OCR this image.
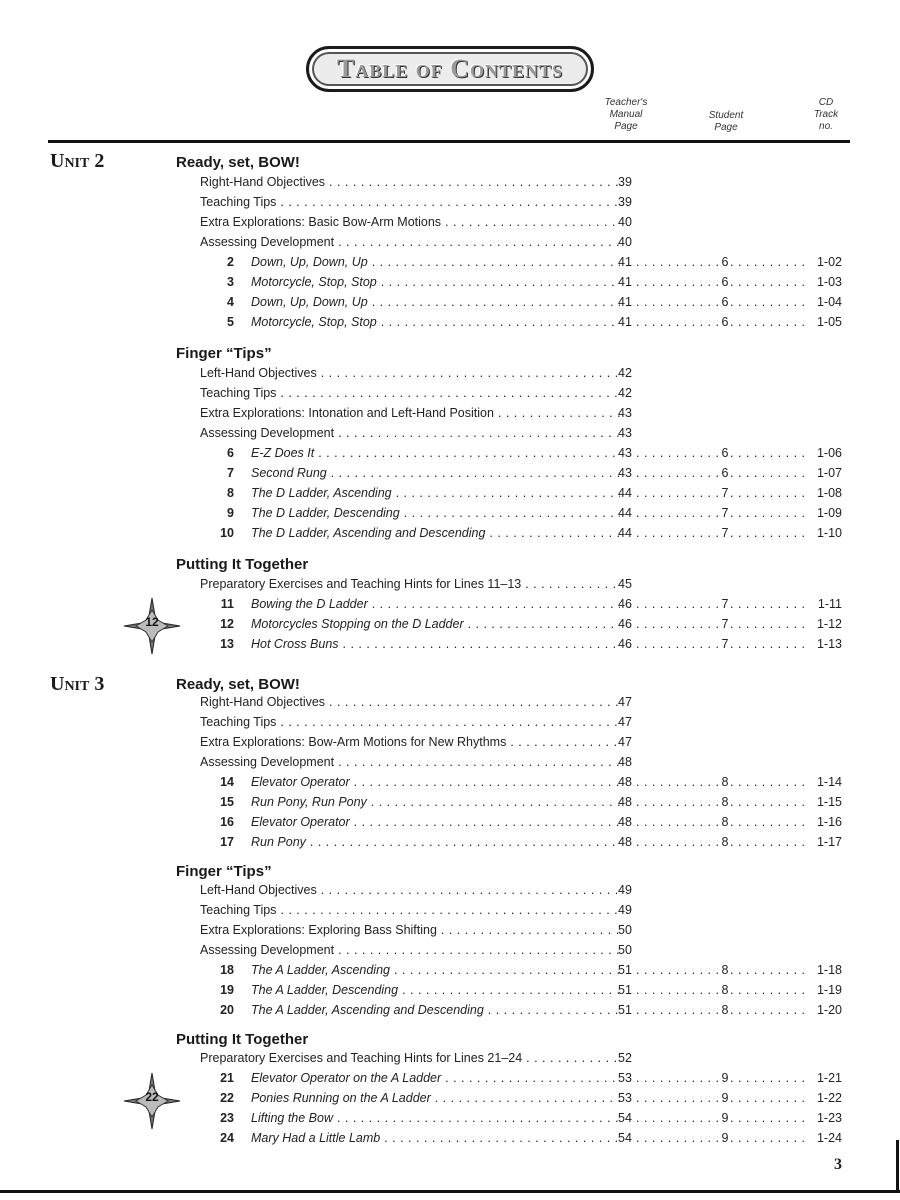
Table of Contents
Teacher's
Manual
Page
Student
Page
CD
Track
no.
Unit 2
Unit 3
Ready, set, BOW!
Finger “Tips”
Putting It Together
Ready, set, BOW!
Finger “Tips”
Putting It Together
Right-Hand Objectives . . .	39
Teaching Tips . . .	39
Extra Explorations: Basic Bow-Arm Motions . . .	40
Assessing Development . . .	40
2 Down, Up, Down, Up . . .	41 . . .	6 . . .	1-02
3 Motorcycle, Stop, Stop . . .	41 . . .	6 . . .	1-03
4 Down, Up, Down, Up . . .	41 . . .	6 . . .	1-04
5 Motorcycle, Stop, Stop . . .	41 . . .	6 . . .	1-05
Left-Hand Objectives . . .	42
Teaching Tips . . .	42
Extra Explorations: Intonation and Left-Hand Position . . .	43
Assessing Development . . .	43
6 E-Z Does It . . .	43 . . .	6 . . .	1-06
7 Second Rung . . .	43 . . .	6 . . .	1-07
8 The D Ladder, Ascending . . .	44 . . .	7 . . .	1-08
9 The D Ladder, Descending . . .	44 . . .	7 . . .	1-09
10 The D Ladder, Ascending and Descending . . .	44 . . .	7 . . .	1-10
Preparatory Exercises and Teaching Hints for Lines 11–13 . . .	45
11 Bowing the D Ladder . . .	46 . . .	7 . . .	1-11
12 Motorcycles Stopping on the D Ladder . . .	46 . . .	7 . . .	1-12
13 Hot Cross Buns . . .	46 . . .	7 . . .	1-13
Right-Hand Objectives . . .	47
Teaching Tips . . .	47
Extra Explorations: Bow-Arm Motions for New Rhythms . . .	47
Assessing Development . . .	48
14 Elevator Operator . . .	48 . . .	8 . . .	1-14
15 Run Pony, Run Pony . . .	48 . . .	8 . . .	1-15
16 Elevator Operator . . .	48 . . .	8 . . .	1-16
17 Run Pony . . .	48 . . .	8 . . .	1-17
Left-Hand Objectives . . .	49
Teaching Tips . . .	49
Extra Explorations: Exploring Bass Shifting . . .	50
Assessing Development . . .	50
18 The A Ladder, Ascending . . .	51 . . .	8 . . .	1-18
19 The A Ladder, Descending . . .	51 . . .	8 . . .	1-19
20 The A Ladder, Ascending and Descending . . .	51 . . .	8 . . .	1-20
Preparatory Exercises and Teaching Hints for Lines 21–24 . . .	52
21 Elevator Operator on the A Ladder . . .	53 . . .	9 . . .	1-21
22 Ponies Running on the A Ladder . . .	53 . . .	9 . . .	1-22
23 Lifting the Bow . . .	54 . . .	9 . . .	1-23
24 Mary Had a Little Lamb . . .	54 . . .	9 . . .	1-24
12
22
3
